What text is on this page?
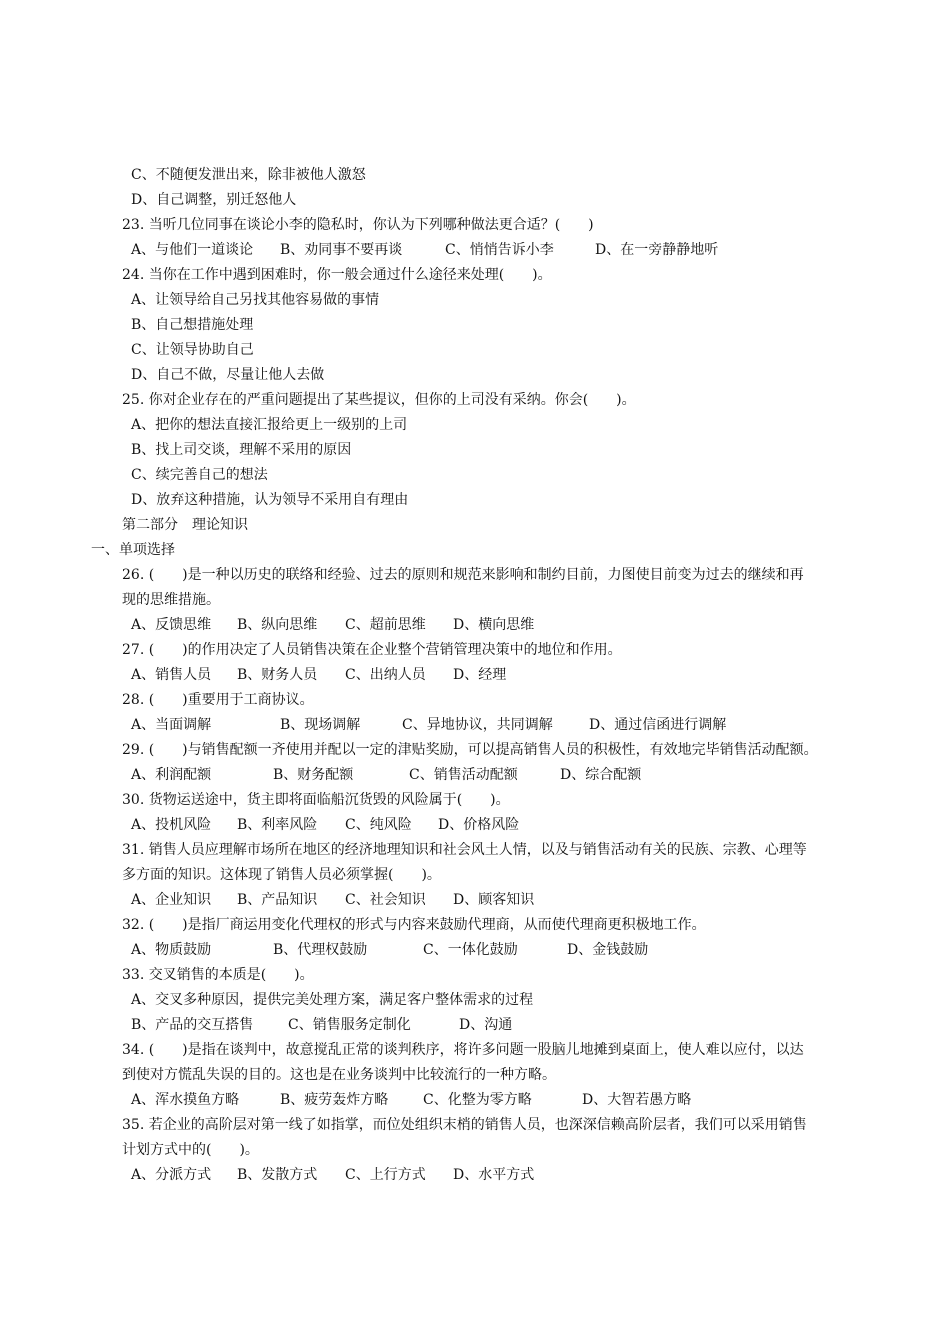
C、不随便发泄出来，除非被他人激怒
D、自己调整，别迁怒他人
23. 当听几位同事在谈论小李的隐私时，你认为下列哪种做法更合适？(　　)
A、与他们一道谈论 B、劝同事不要再谈	C、悄悄告诉小李	D、在一旁静静地听
24. 当你在工作中遇到困难时，你一般会通过什么途径来处理(　　)。
A、让领导给自己另找其他容易做的事情
B、自己想措施处理
C、让领导协助自己
D、自己不做，尽量让他人去做
25. 你对企业存在的严重问题提出了某些提议，但你的上司没有采纳。你会(　　)。
A、把你的想法直接汇报给更上一级别的上司
B、找上司交谈，理解不采用的原因
C、续完善自己的想法
D、放弃这种措施，认为领导不采用自有理由
第二部分　理论知识
一、单项选择
26. (　　)是一种以历史的联络和经验、过去的原则和规范来影响和制约目前，力图使目前变为过去的继续和再
现的思维措施。
A、反馈思维 B、纵向思维 C、超前思维 D、横向思维
27. (　　)的作用决定了人员销售决策在企业整个营销管理决策中的地位和作用。
A、销售人员 B、财务人员 C、出纳人员 D、经理
28. (　　)重要用于工商协议。
A、当面调解	B、现场调解	C、异地协议，共同调解	D、通过信函进行调解
29. (　　)与销售配额一齐使用并配以一定的津贴奖励，可以提高销售人员的积极性，有效地完毕销售活动配额。
A、利润配额	B、财务配额	C、销售活动配额	D、综合配额
30. 货物运送途中，货主即将面临船沉货毁的风险属于(　　)。
A、投机风险 B、利率风险 C、纯风险 D、价格风险
31. 销售人员应理解市场所在地区的经济地理知识和社会风土人情，以及与销售活动有关的民族、宗教、心理等
多方面的知识。这体现了销售人员必须掌握(　　)。
A、企业知识 B、产品知识 C、社会知识 D、顾客知识
32. (　　)是指厂商运用变化代理权的形式与内容来鼓励代理商，从而使代理商更积极地工作。
A、物质鼓励	B、代理权鼓励	C、一体化鼓励	D、金钱鼓励
33. 交叉销售的本质是(　　)。
A、交叉多种原因，提供完美处理方案，满足客户整体需求的过程
B、产品的交互搭售 C、销售服务定制化	D、沟通
34. (　　)是指在谈判中，故意搅乱正常的谈判秩序，将许多问题一股脑儿地摊到桌面上，使人难以应付，以达
到使对方慌乱失误的目的。这也是在业务谈判中比较流行的一种方略。
A、浑水摸鱼方略	B、疲劳轰炸方略 C、化整为零方略	D、大智若愚方略
35. 若企业的高阶层对第一线了如指掌，而位处组织末梢的销售人员，也深深信赖高阶层者，我们可以采用销售
计划方式中的(　　)。
A、分派方式 B、发散方式 C、上行方式 D、水平方式
